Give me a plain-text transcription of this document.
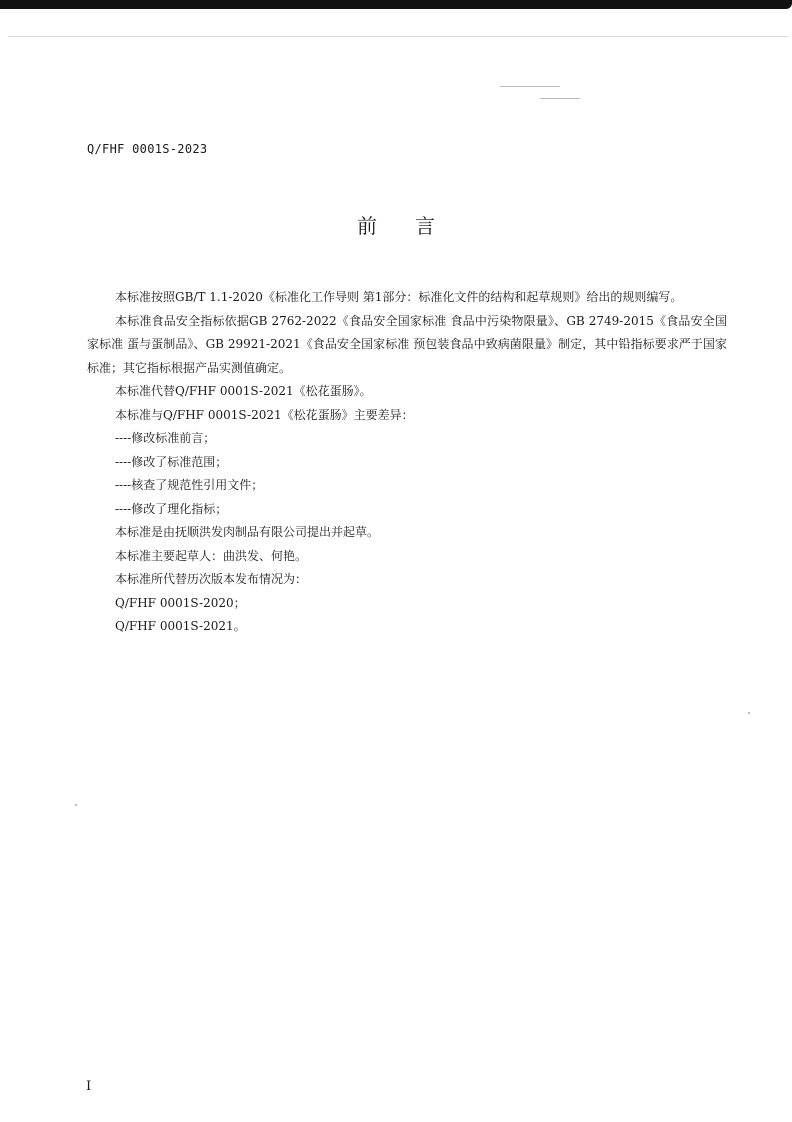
Q/FHF 0001S-2023
前言

本标准按照GB/T 1.1-2020《标准化工作导则 第1部分：标准化文件的结构和起草规则》给出的规则编写。

本标准食品安全指标依据GB 2762-2022《食品安全国家标准 食品中污染物限量》、GB 2749-2015《食品安全国家标准 蛋与蛋制品》、GB 29921-2021《食品安全国家标准 预包装食品中致病菌限量》制定，其中铅指标要求严于国家标准；其它指标根据产品实测值确定。

本标准代替Q/FHF 0001S-2021《松花蛋肠》。

本标准与Q/FHF 0001S-2021《松花蛋肠》主要差异：

----修改标准前言；

----修改了标准范围；

----核查了规范性引用文件；

----修改了理化指标；

本标准是由抚顺洪发肉制品有限公司提出并起草。

本标准主要起草人：曲洪发、何艳。

本标准所代替历次版本发布情况为：

Q/FHF 0001S-2020；

Q/FHF 0001S-2021。

I
